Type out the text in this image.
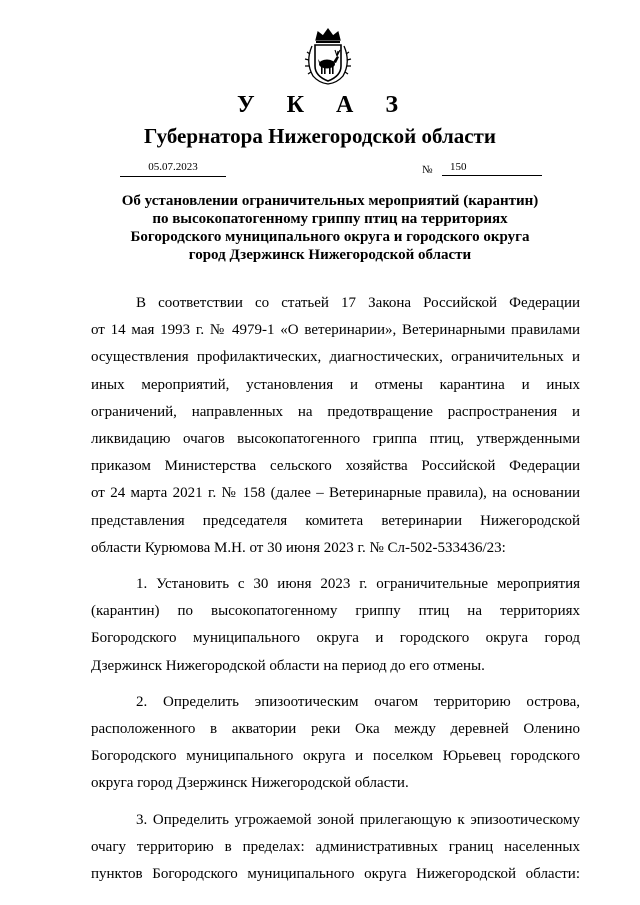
У К А З
Губернатора Нижегородской области
05.07.2023	№	150
Об установлении ограничительных мероприятий (карантин)
по высокопатогенному гриппу птиц на территориях
Богородского муниципального округа и городского округа
город Дзержинск Нижегородской области
В соответствии со статьей 17 Закона Российской Федерации
от 14 мая 1993 г. № 4979-1 «О ветеринарии», Ветеринарными правилами
осуществления профилактических, диагностических, ограничительных и
иных мероприятий, установления и отмены карантина и иных
ограничений, направленных на предотвращение распространения и
ликвидацию очагов высокопатогенного гриппа птиц, утвержденными
приказом Министерства сельского хозяйства Российской Федерации
от 24 марта 2021 г. № 158 (далее – Ветеринарные правила), на основании
представления председателя комитета ветеринарии Нижегородской
области Курюмова М.Н. от 30 июня 2023 г. № Сл-502-533436/23:
1. Установить с 30 июня 2023 г. ограничительные мероприятия
(карантин) по высокопатогенному гриппу птиц на территориях
Богородского муниципального округа и городского округа город
Дзержинск Нижегородской области на период до его отмены.
2. Определить эпизоотическим очагом территорию острова,
расположенного в акватории реки Ока между деревней Оленино
Богородского муниципального округа и поселком Юрьевец городского
округа город Дзержинск Нижегородской области.
3. Определить угрожаемой зоной прилегающую к эпизоотическому
очагу территорию в пределах: административных границ населенных
пунктов Богородского муниципального округа Нижегородской области:
